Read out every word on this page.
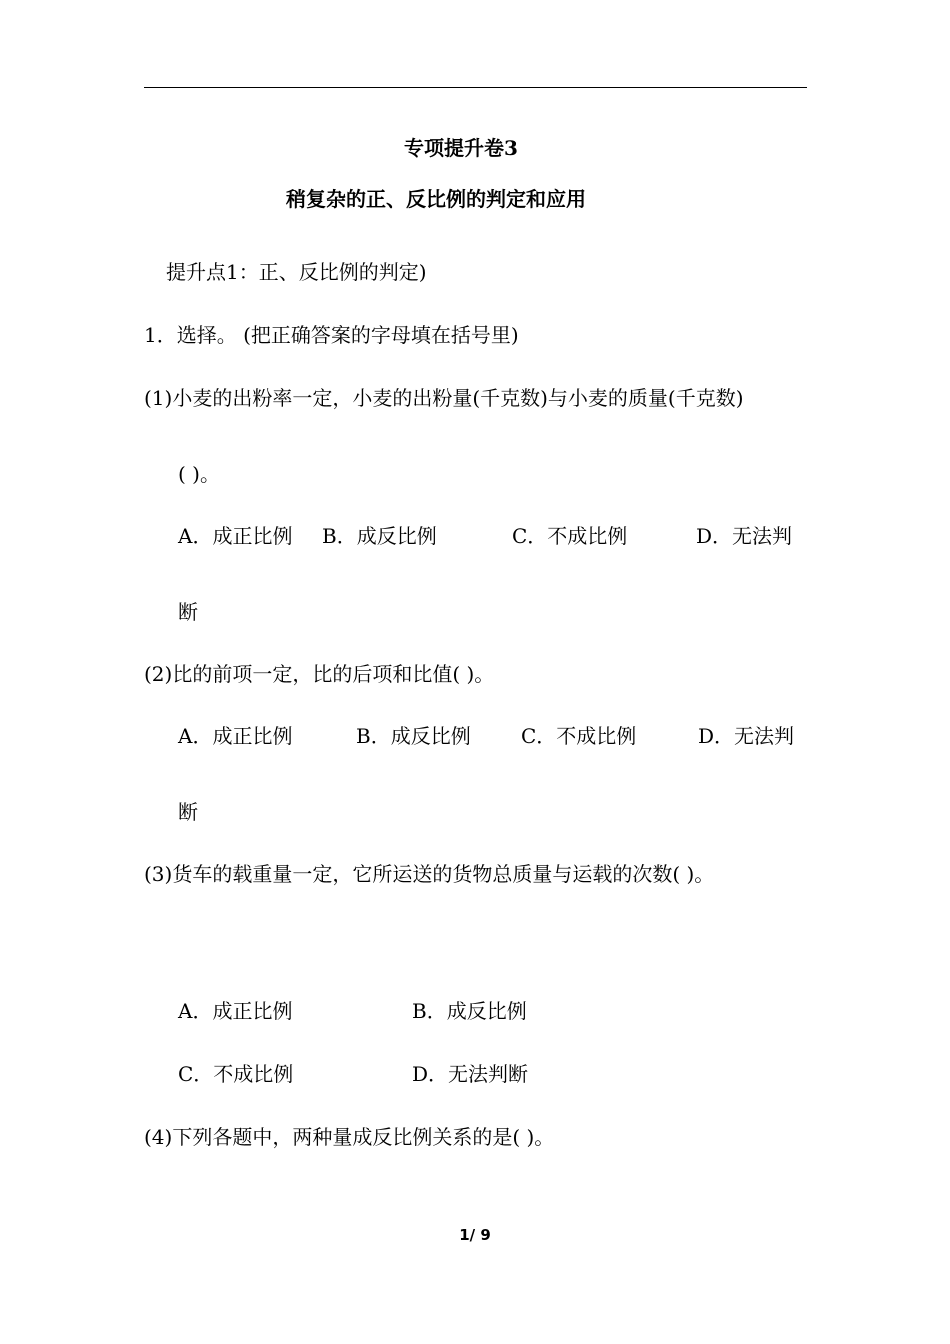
专项提升卷3
稍复杂的正、反比例的判定和应用
提升点1：正、反比例的判定)
1．选择。 (把正确答案的字母填在括号里)
(1)小麦的出粉率一定，小麦的出粉量(千克数)与小麦的质量(千克数)
( )。
A．成正比例 B．成反比例	C．不成比例	D．无法判
断
(2)比的前项一定，比的后项和比值( )。
A．成正比例	B．成反比例	C．不成比例	D．无法判
断
(3)货车的载重量一定，它所运送的货物总质量与运载的次数( )。
A．成正比例	B．成反比例
C．不成比例	D．无法判断
(4)下列各题中，两种量成反比例关系的是( )。
1/ 9
